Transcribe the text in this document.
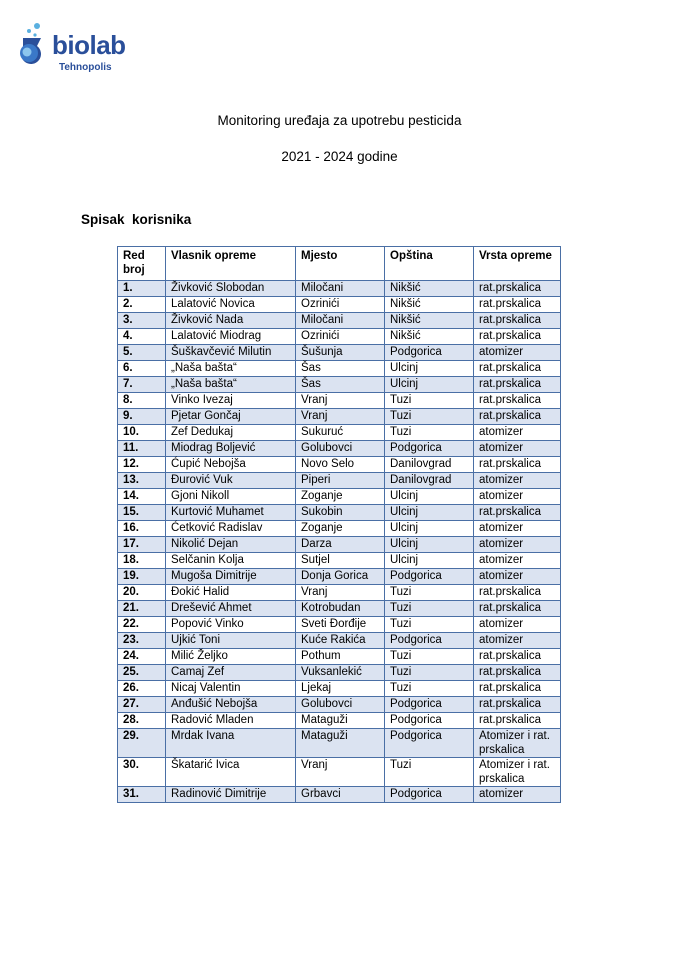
biolab
Tehnopolis
Monitoring uređaja za upotrebu pesticida
2021 - 2024 godine
Spisak  korisnika
Red broj	Vlasnik opreme	Mjesto	Opština	Vrsta opreme
1.	Živković Slobodan	Miločani	Nikšić	rat.prskalica
2.	Lalatović Novica	Ozrinići	Nikšić	rat.prskalica
3.	Živković Nada	Miločani	Nikšić	rat.prskalica
4.	Lalatović Miodrag	Ozrinići	Nikšić	rat.prskalica
5.	Šuškavčević Milutin	Šušunja	Podgorica	atomizer
6.	„Naša bašta“	Šas	Ulcinj	rat.prskalica
7.	„Naša bašta“	Šas	Ulcinj	rat.prskalica
8.	Vinko Ivezaj	Vranj	Tuzi	rat.prskalica
9.	Pjetar Gončaj	Vranj	Tuzi	rat.prskalica
10.	Zef Dedukaj	Sukuruć	Tuzi	atomizer
11.	Miodrag Boljević	Golubovci	Podgorica	atomizer
12.	Ćupić Nebojša	Novo Selo	Danilovgrad	rat.prskalica
13.	Đurović Vuk	Piperi	Danilovgrad	atomizer
14.	Gjoni Nikoll	Zoganje	Ulcinj	atomizer
15.	Kurtović Muhamet	Sukobin	Ulcinj	rat.prskalica
16.	Ćetković Radislav	Zoganje	Ulcinj	atomizer
17.	Nikolić Dejan	Darza	Ulcinj	atomizer
18.	Selčanin Kolja	Sutjel	Ulcinj	atomizer
19.	Mugoša Dimitrije	Donja Gorica	Podgorica	atomizer
20.	Đokić Halid	Vranj	Tuzi	rat.prskalica
21.	Drešević Ahmet	Kotrobudan	Tuzi	rat.prskalica
22.	Popović Vinko	Sveti Đorđije	Tuzi	atomizer
23.	Ujkić Toni	Kuće Rakića	Podgorica	atomizer
24.	Milić Željko	Pothum	Tuzi	rat.prskalica
25.	Camaj Zef	Vuksanlekić	Tuzi	rat.prskalica
26.	Nicaj Valentin	Ljekaj	Tuzi	rat.prskalica
27.	Anđušić Nebojša	Golubovci	Podgorica	rat.prskalica
28.	Radović Mladen	Mataguži	Podgorica	rat.prskalica
29.	Mrdak Ivana	Mataguži	Podgorica	Atomizer i rat. prskalica
30.	Škatarić Ivica	Vranj	Tuzi	Atomizer i rat. prskalica
31.	Radinović Dimitrije	Grbavci	Podgorica	atomizer
